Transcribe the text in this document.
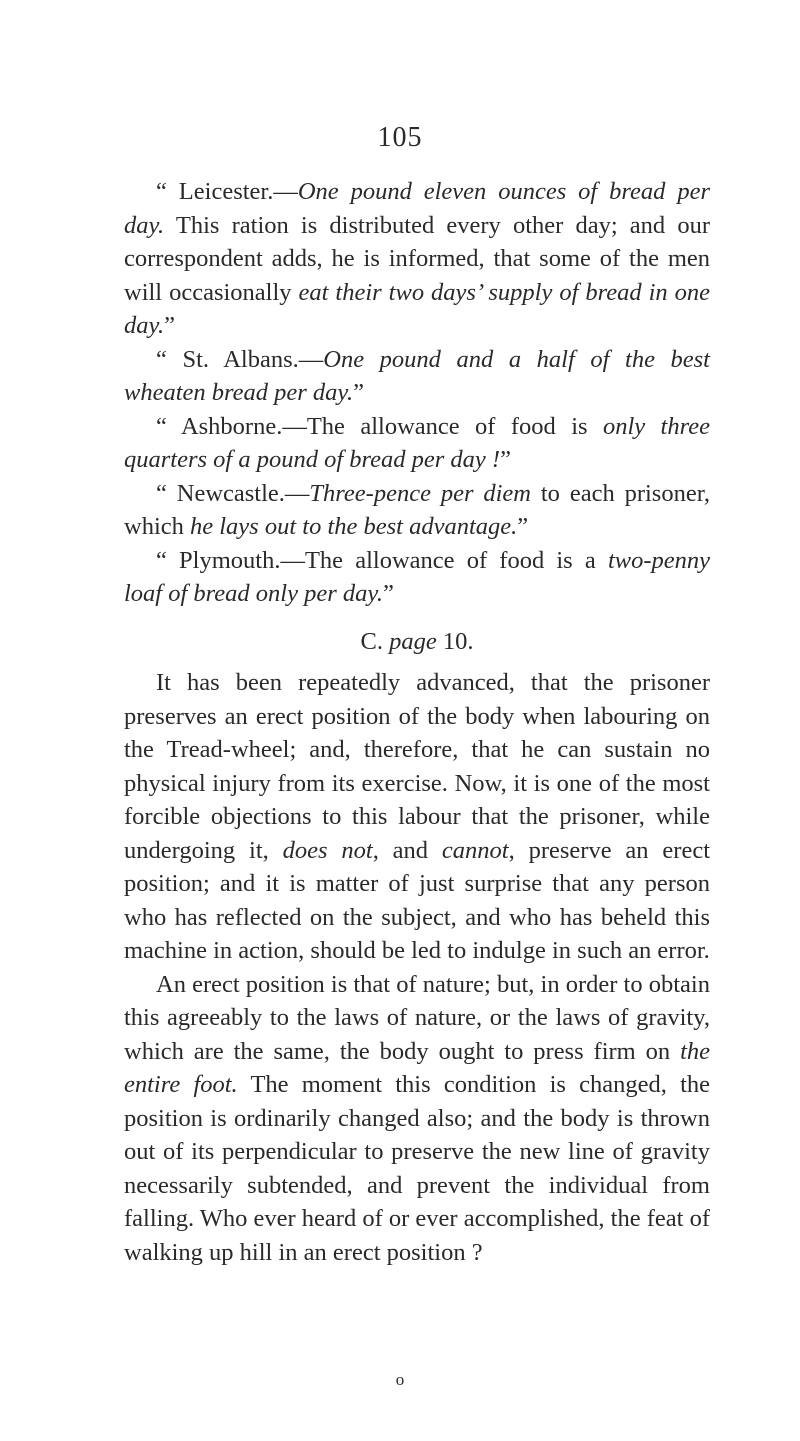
105

“ Leicester.—One pound eleven ounces of bread per day. This ration is distributed every other day; and our correspondent adds, he is informed, that some of the men will occasionally eat their two days’ supply of bread in one day.”

“ St. Albans.—One pound and a half of the best wheaten bread per day.”

“ Ashborne.—The allowance of food is only three quarters of a pound of bread per day !”

“ Newcastle.—Three-pence per diem to each prisoner, which he lays out to the best advantage.”

“ Plymouth.—The allowance of food is a two-penny loaf of bread only per day.”

C. page 10.

It has been repeatedly advanced, that the prisoner preserves an erect position of the body when labouring on the Tread-wheel; and, therefore, that he can sustain no physical injury from its exercise. Now, it is one of the most forcible objections to this labour that the prisoner, while undergoing it, does not, and cannot, preserve an erect position; and it is matter of just surprise that any person who has reflected on the subject, and who has beheld this machine in action, should be led to indulge in such an error.

An erect position is that of nature; but, in order to obtain this agreeably to the laws of nature, or the laws of gravity, which are the same, the body ought to press firm on the entire foot. The moment this condition is changed, the position is ordinarily changed also; and the body is thrown out of its perpendicular to preserve the new line of gravity necessarily subtended, and prevent the individual from falling. Who ever heard of or ever accomplished, the feat of walking up hill in an erect position ?

o
